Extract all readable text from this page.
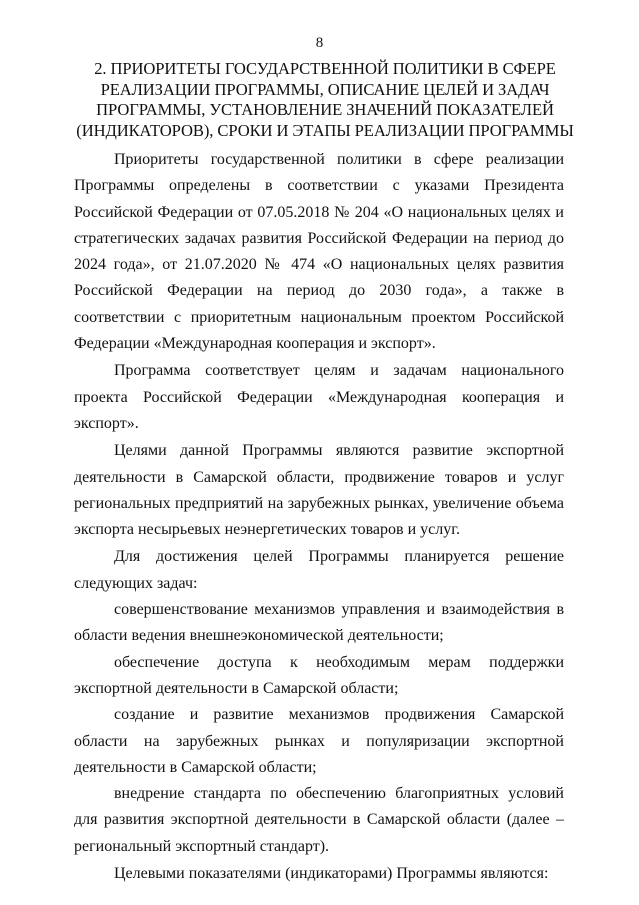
8
2. ПРИОРИТЕТЫ ГОСУДАРСТВЕННОЙ ПОЛИТИКИ В СФЕРЕ РЕАЛИЗАЦИИ ПРОГРАММЫ, ОПИСАНИЕ ЦЕЛЕЙ И ЗАДАЧ ПРОГРАММЫ, УСТАНОВЛЕНИЕ ЗНАЧЕНИЙ ПОКАЗАТЕЛЕЙ (ИНДИКАТОРОВ), СРОКИ И ЭТАПЫ РЕАЛИЗАЦИИ ПРОГРАММЫ

Приоритеты государственной политики в сфере реализации Программы определены в соответствии с указами Президента Российской Федерации от 07.05.2018 № 204 «О национальных целях и стратегических задачах развития Российской Федерации на период до 2024 года», от 21.07.2020 № 474 «О национальных целях развития Российской Федерации на период до 2030 года», а также в соответствии с приоритетным национальным проектом Российской Федерации «Международная кооперация и экспорт».

Программа соответствует целям и задачам национального проекта Российской Федерации «Международная кооперация и экспорт».

Целями данной Программы являются развитие экспортной деятельности в Самарской области, продвижение товаров и услуг региональных предприятий на зарубежных рынках, увеличение объема экспорта несырьевых неэнергетических товаров и услуг.

Для достижения целей Программы планируется решение следующих задач:

совершенствование механизмов управления и взаимодействия в области ведения внешнеэкономической деятельности;

обеспечение доступа к необходимым мерам поддержки экспортной деятельности в Самарской области;

создание и развитие механизмов продвижения Самарской области на зарубежных рынках и популяризации экспортной деятельности в Самарской области;

внедрение стандарта по обеспечению благоприятных условий для развития экспортной деятельности в Самарской области (далее – региональный экспортный стандарт).

Целевыми показателями (индикаторами) Программы являются:
